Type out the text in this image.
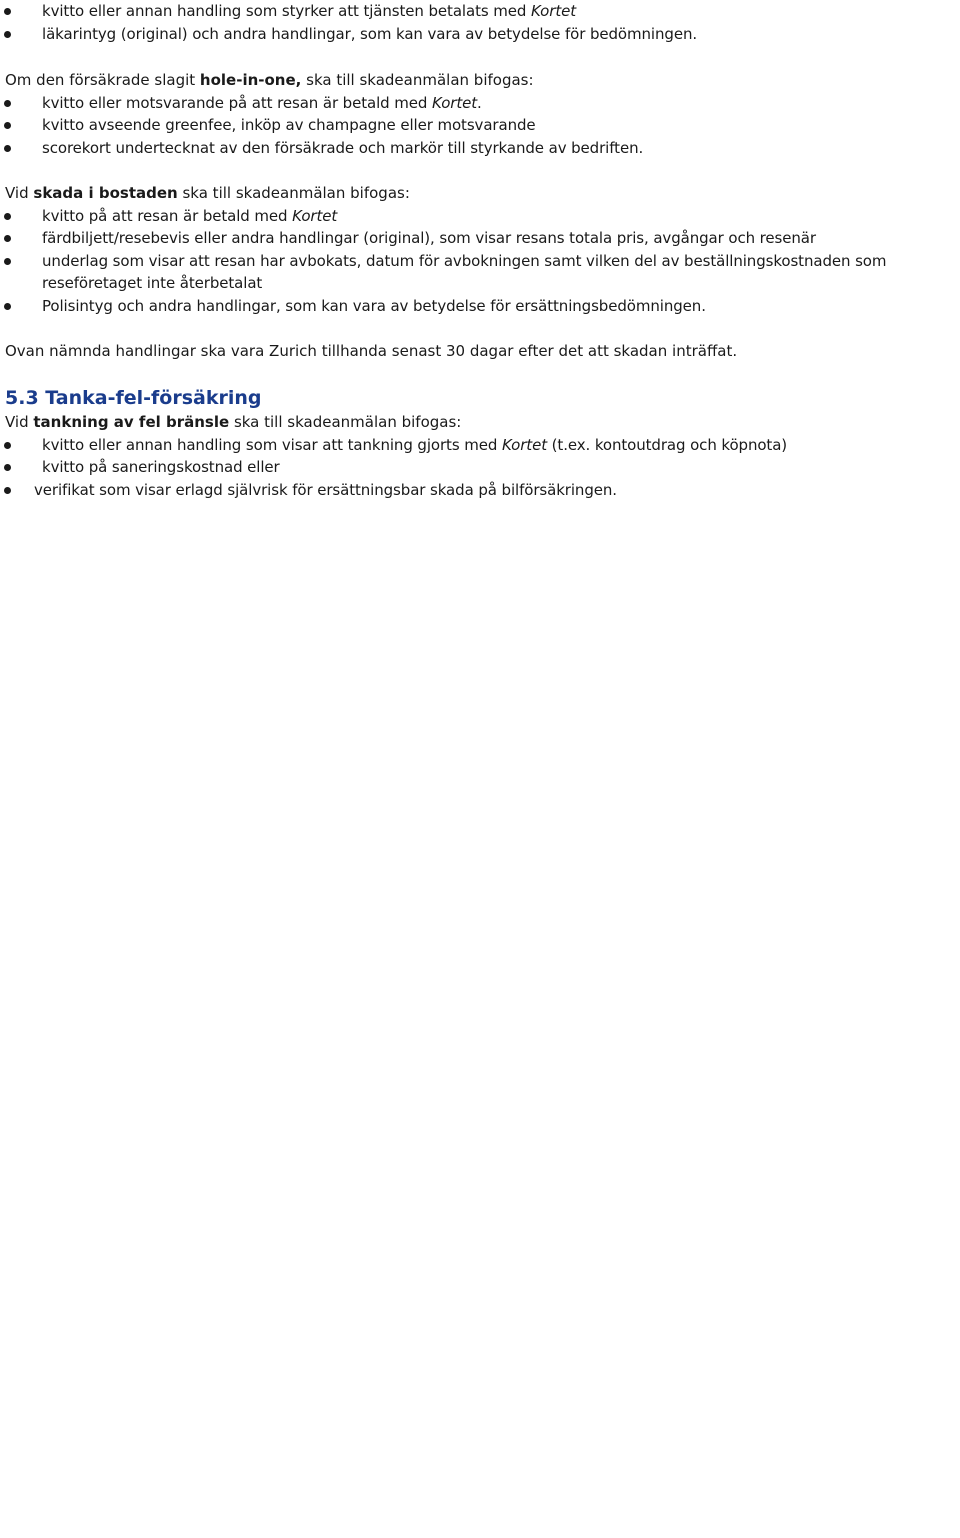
kvitto eller annan handling som styrker att tjänsten betalats med Kortet
läkarintyg (original) och andra handlingar, som kan vara av betydelse för bedömningen.

Om den försäkrade slagit hole-in-one, ska till skadeanmälan bifogas:

kvitto eller motsvarande på att resan är betald med Kortet.
kvitto avseende greenfee, inköp av champagne eller motsvarande
scorekort undertecknat av den försäkrade och markör till styrkande av bedriften.

Vid skada i bostaden ska till skadeanmälan bifogas:

kvitto på att resan är betald med Kortet
färdbiljett/resebevis eller andra handlingar (original), som visar resans totala pris, avgångar och resenär
underlag som visar att resan har avbokats, datum för avbokningen samt vilken del av beställningskostnaden som reseföretaget inte återbetalat
Polisintyg och andra handlingar, som kan vara av betydelse för ersättningsbedömningen.

Ovan nämnda handlingar ska vara Zurich tillhanda senast 30 dagar efter det att skadan inträffat.

5.3 Tanka-fel-försäkring

Vid tankning av fel bränsle ska till skadeanmälan bifogas:

kvitto eller annan handling som visar att tankning gjorts med Kortet (t.ex. kontoutdrag och köpnota)
kvitto på saneringskostnad eller
verifikat som visar erlagd självrisk för ersättningsbar skada på bilförsäkringen.
